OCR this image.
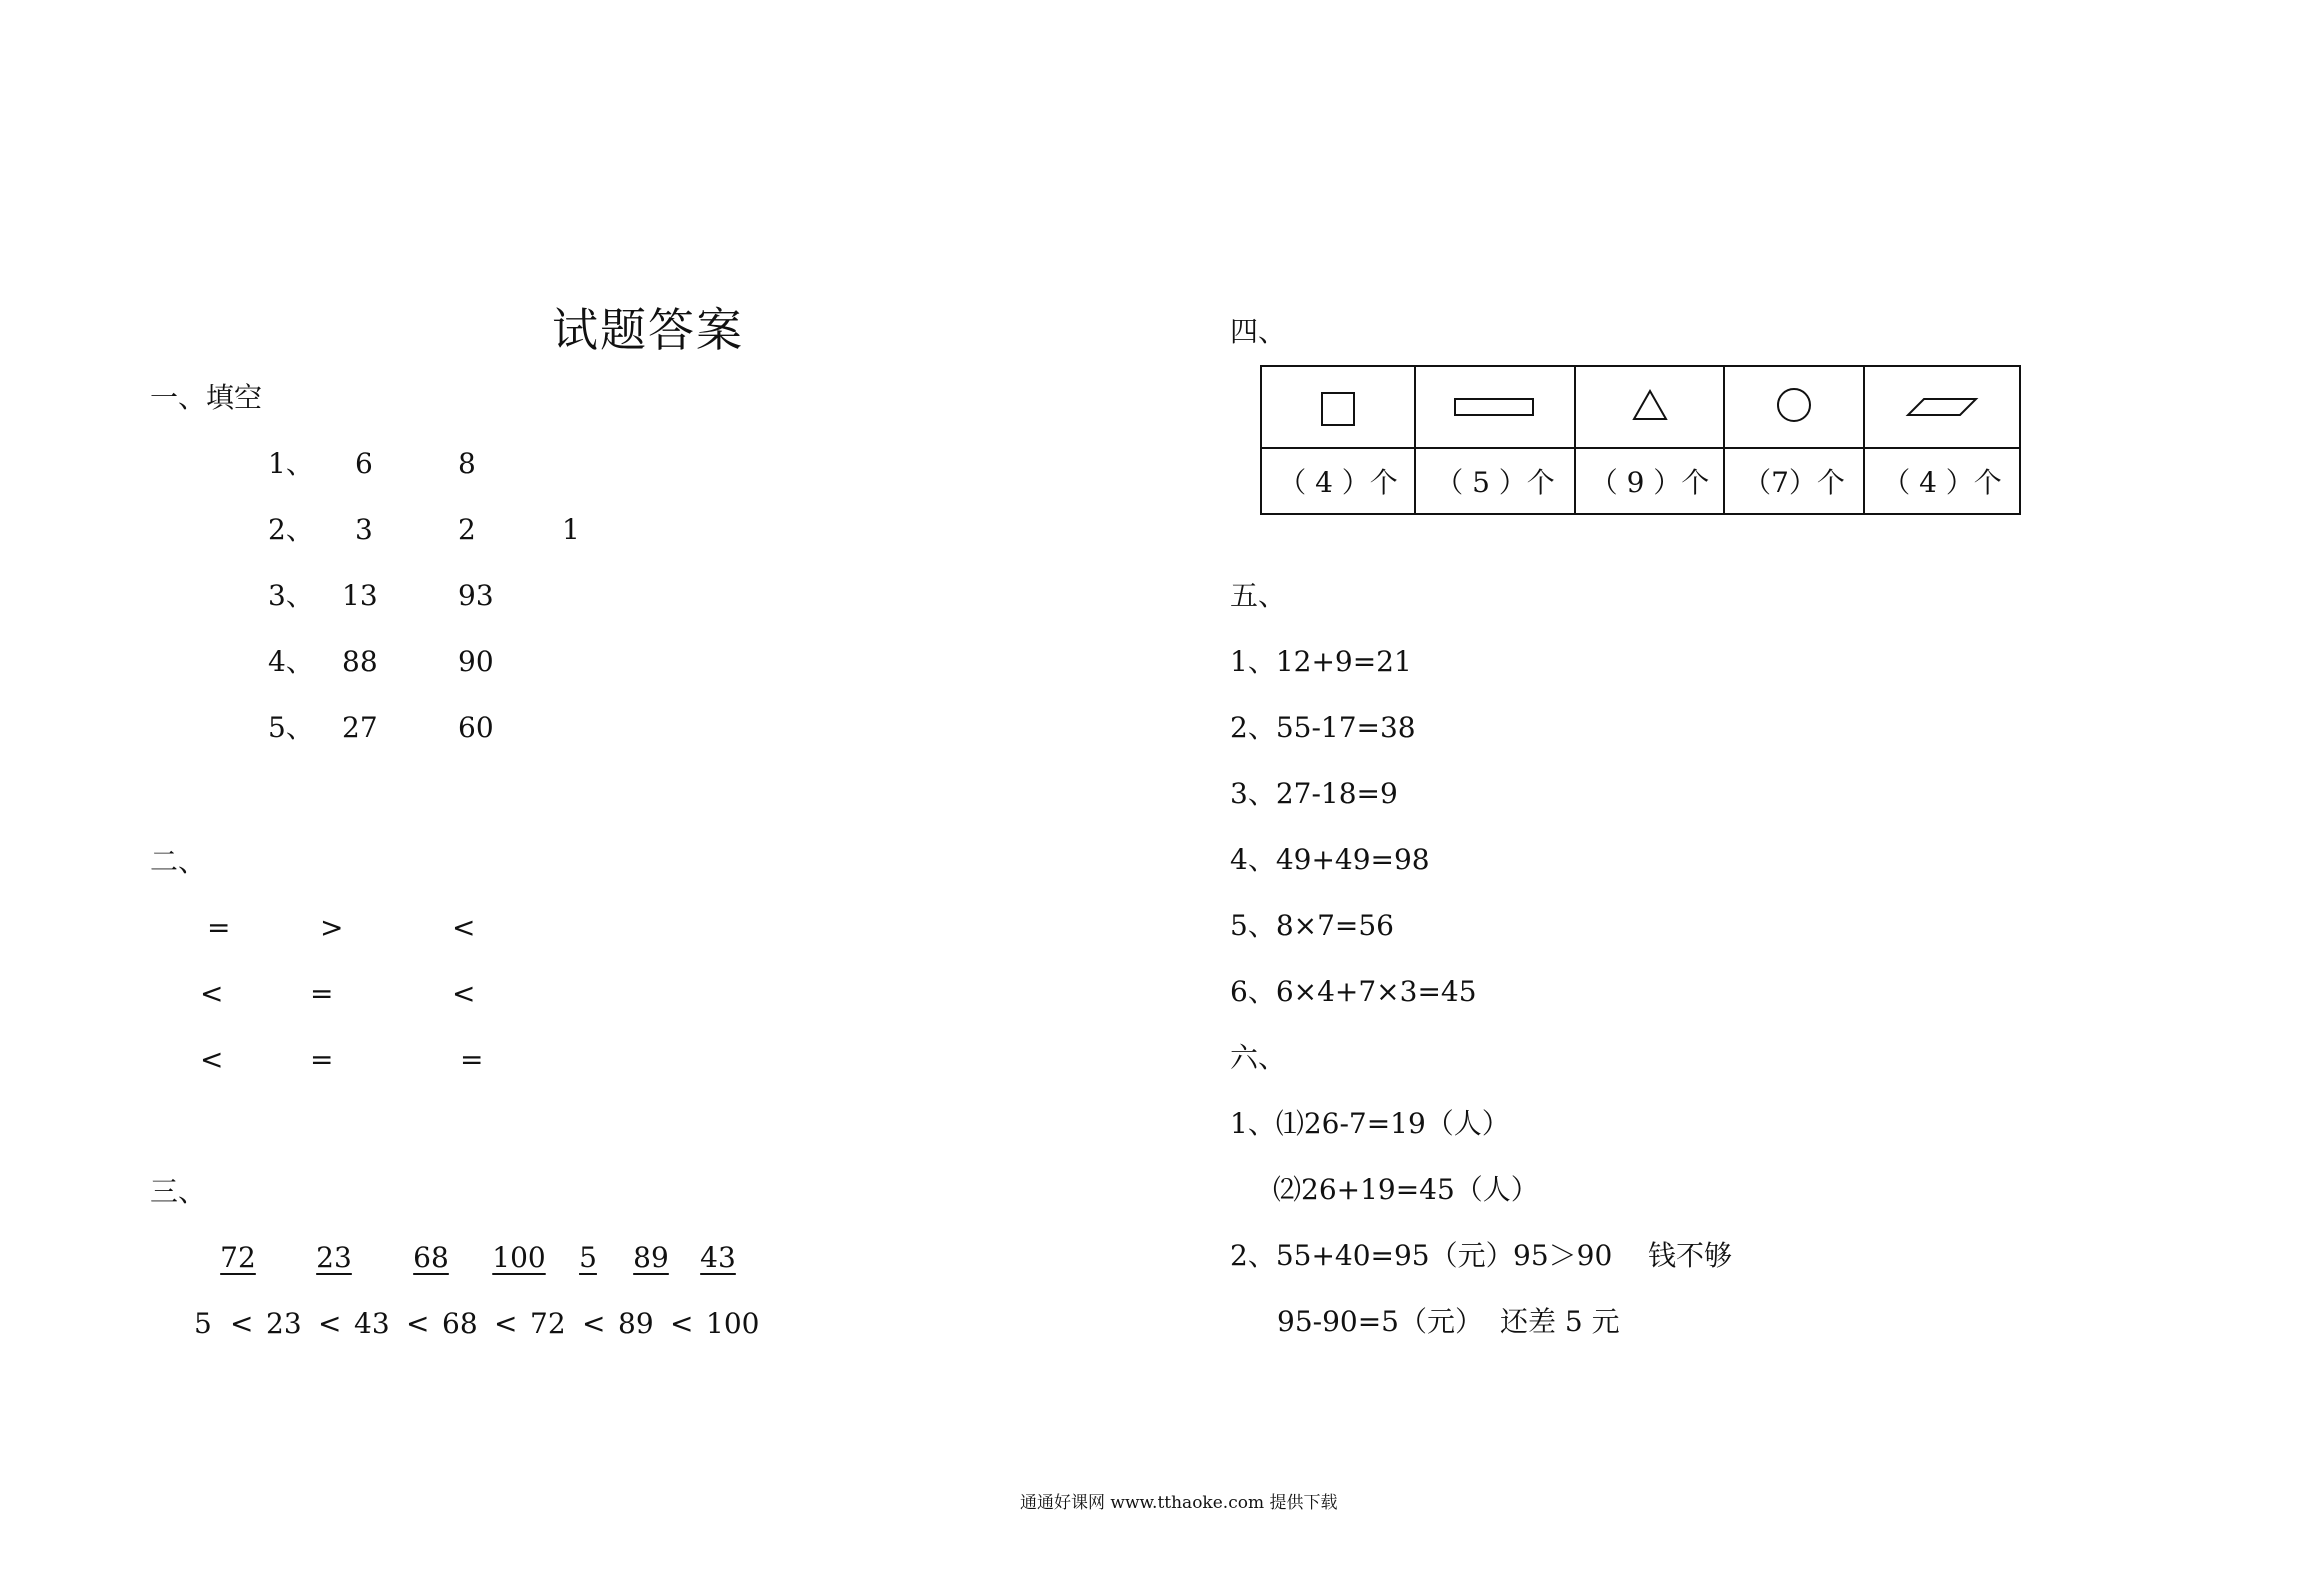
试题答案
一、填空
1、 6	8
2、 3	2	1
3、 13	93
4、 88	90
5、 27	60
二、
=	>	<
<	=	<
<	=	=
三、
72	23 68 100 5	89	43
5 < 23 < 43 < 68 < 72 < 89 < 100
四、

（ 4 ）个	（ 5 ）个	（ 9 ）个	（7）个	（ 4 ）个
五、
1、12+9=21
2、55-17=38
3、27-18=9
4、49+49=98
5、8×7=56
6、6×4+7×3=45
六、
1、⑴26-7=19（人）
⑵26+19=45（人）
2、55+40=95（元） 95＞90 钱不够
95-90=5（元） 还差 5 元
通通好课网 www.tthaoke.com 提供下载
